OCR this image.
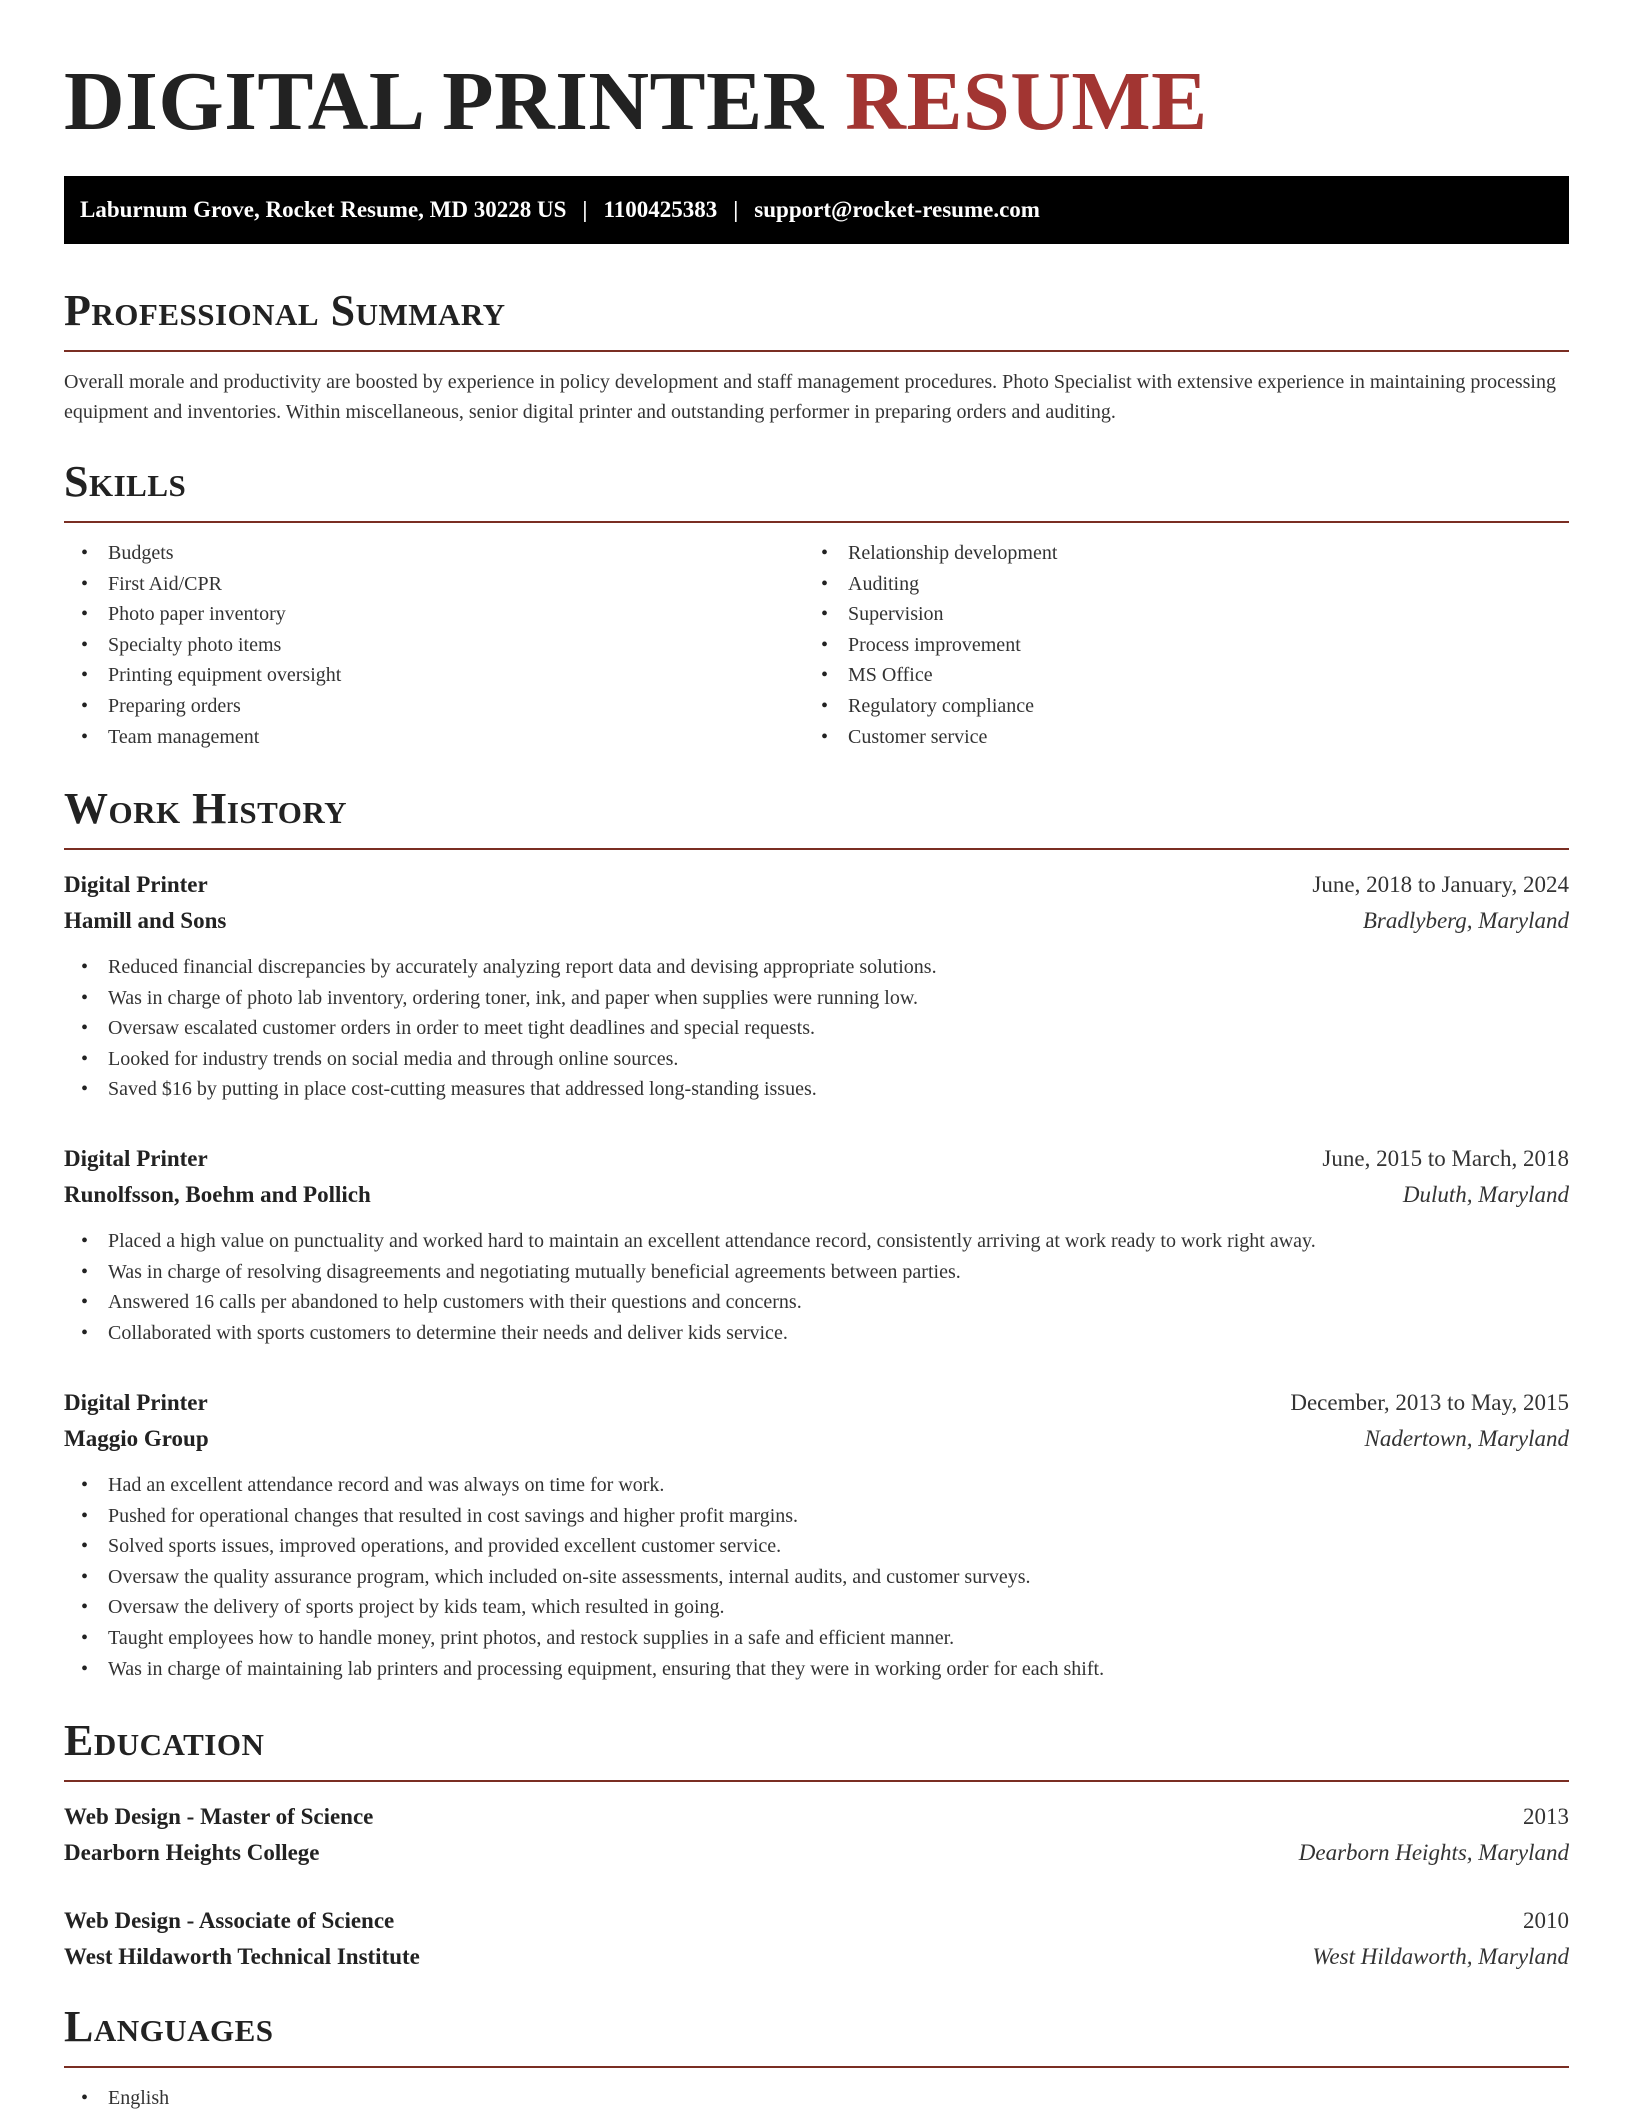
DIGITAL PRINTER RESUME
Laburnum Grove, Rocket Resume, MD 30228 US | 1100425383 | support@rocket-resume.com
Professional Summary

Overall morale and productivity are boosted by experience in policy development and staff management procedures. Photo Specialist with extensive experience in maintaining processing equipment and inventories. Within miscellaneous, senior digital printer and outstanding performer in preparing orders and auditing.

Skills
• Budgets
• First Aid/CPR
• Photo paper inventory
• Specialty photo items
• Printing equipment oversight
• Preparing orders
• Team management
• Relationship development
• Auditing
• Supervision
• Process improvement
• MS Office
• Regulatory compliance
• Customer service
Work History
Digital Printer	June, 2018 to January, 2024
Hamill and Sons	Bradlyberg, Maryland
• Reduced financial discrepancies by accurately analyzing report data and devising appropriate solutions.
• Was in charge of photo lab inventory, ordering toner, ink, and paper when supplies were running low.
• Oversaw escalated customer orders in order to meet tight deadlines and special requests.
• Looked for industry trends on social media and through online sources.
• Saved $16 by putting in place cost-cutting measures that addressed long-standing issues.
Digital Printer	June, 2015 to March, 2018
Runolfsson, Boehm and Pollich	Duluth, Maryland
• Placed a high value on punctuality and worked hard to maintain an excellent attendance record, consistently arriving at work ready to work right away.
• Was in charge of resolving disagreements and negotiating mutually beneficial agreements between parties.
• Answered 16 calls per abandoned to help customers with their questions and concerns.
• Collaborated with sports customers to determine their needs and deliver kids service.
Digital Printer	December, 2013 to May, 2015
Maggio Group	Nadertown, Maryland
• Had an excellent attendance record and was always on time for work.
• Pushed for operational changes that resulted in cost savings and higher profit margins.
• Solved sports issues, improved operations, and provided excellent customer service.
• Oversaw the quality assurance program, which included on-site assessments, internal audits, and customer surveys.
• Oversaw the delivery of sports project by kids team, which resulted in going.
• Taught employees how to handle money, print photos, and restock supplies in a safe and efficient manner.
• Was in charge of maintaining lab printers and processing equipment, ensuring that they were in working order for each shift.
Education
Web Design - Master of Science	2013
Dearborn Heights College	Dearborn Heights, Maryland
Web Design - Associate of Science	2010
West Hildaworth Technical Institute	West Hildaworth, Maryland
Languages
• English
